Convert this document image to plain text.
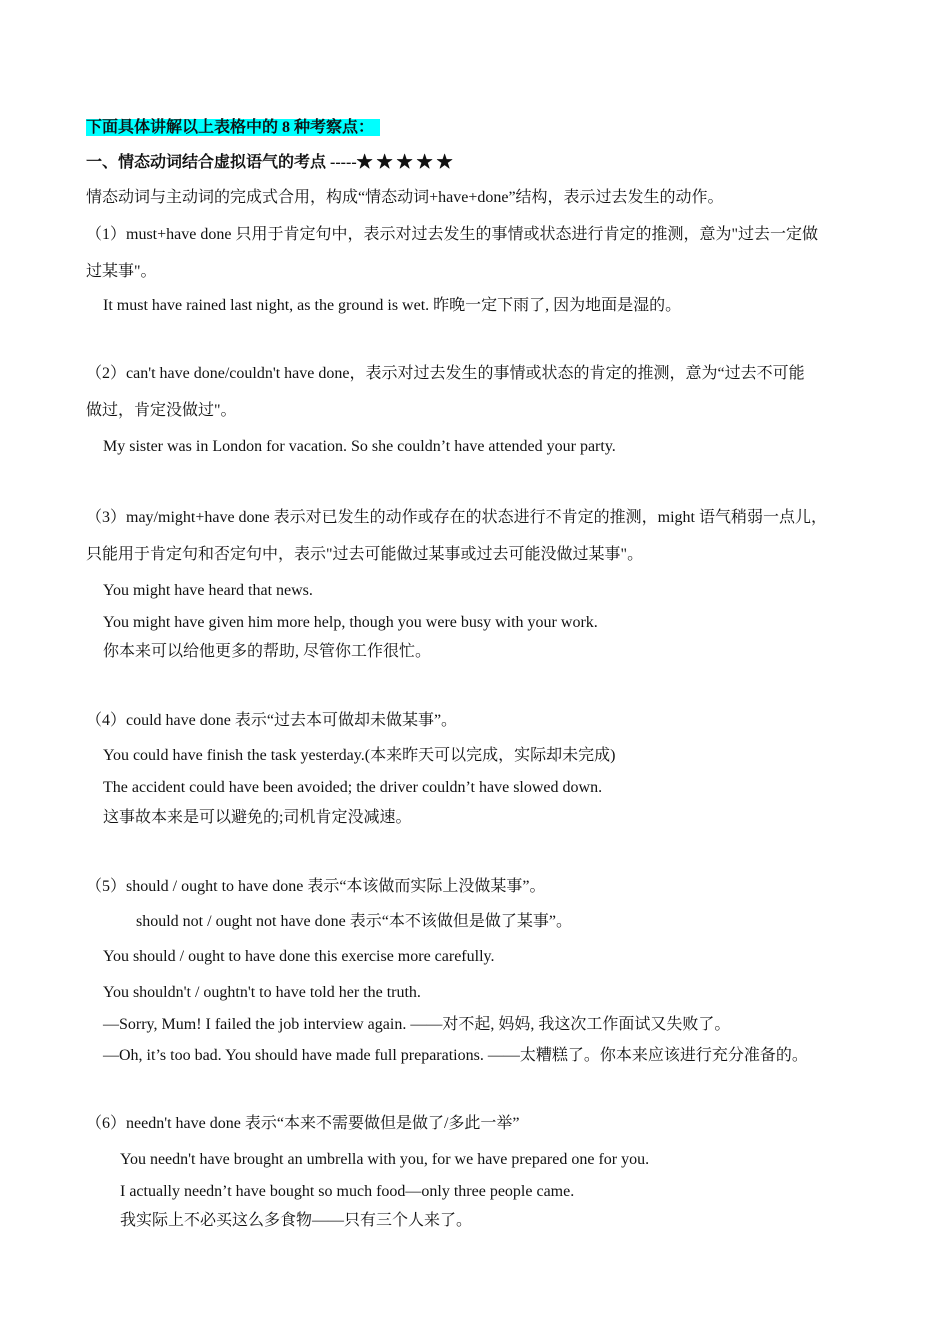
下面具体讲解以上表格中的 8 种考察点：
一、情态动词结合虚拟语气的考点 -----★ ★ ★ ★ ★
情态动词与主动词的完成式合用，构成“情态动词+have+done”结构，表示过去发生的动作。
（1）must+have done 只用于肯定句中，表示对过去发生的事情或状态进行肯定的推测，意为"过去一定做
过某事"。
It must have rained last night, as the ground is wet. 昨晚一定下雨了, 因为地面是湿的。
（2）can't have done/couldn't have done，表示对过去发生的事情或状态的肯定的推测，意为“过去不可能
做过，肯定没做过"。
My sister was in London for vacation. So she couldn’t have attended your party.
（3）may/might+have done 表示对已发生的动作或存在的状态进行不肯定的推测，might 语气稍弱一点儿，
只能用于肯定句和否定句中，表示"过去可能做过某事或过去可能没做过某事"。
You might have heard that news.
You might have given him more help, though you were busy with your work.
你本来可以给他更多的帮助, 尽管你工作很忙。
（4）could have done 表示“过去本可做却未做某事”。
You could have finish the task yesterday.(本来昨天可以完成，实际却未完成)
The accident could have been avoided; the driver couldn’t have slowed down.
这事故本来是可以避免的;司机肯定没减速。
（5）should / ought to have done 表示“本该做而实际上没做某事”。
should not / ought not have done 表示“本不该做但是做了某事”。
You should / ought to have done this exercise more carefully.
You shouldn't / oughtn't to have told her the truth.
—Sorry, Mum! I failed the job interview again. ——对不起, 妈妈, 我这次工作面试又失败了。
—Oh, it’s too bad. You should have made full preparations. ——太糟糕了。你本来应该进行充分准备的。
（6）needn't have done 表示“本来不需要做但是做了/多此一举”
You needn't have brought an umbrella with you, for we have prepared one for you.
I actually needn’t have bought so much food—only three people came.
我实际上不必买这么多食物——只有三个人来了。
